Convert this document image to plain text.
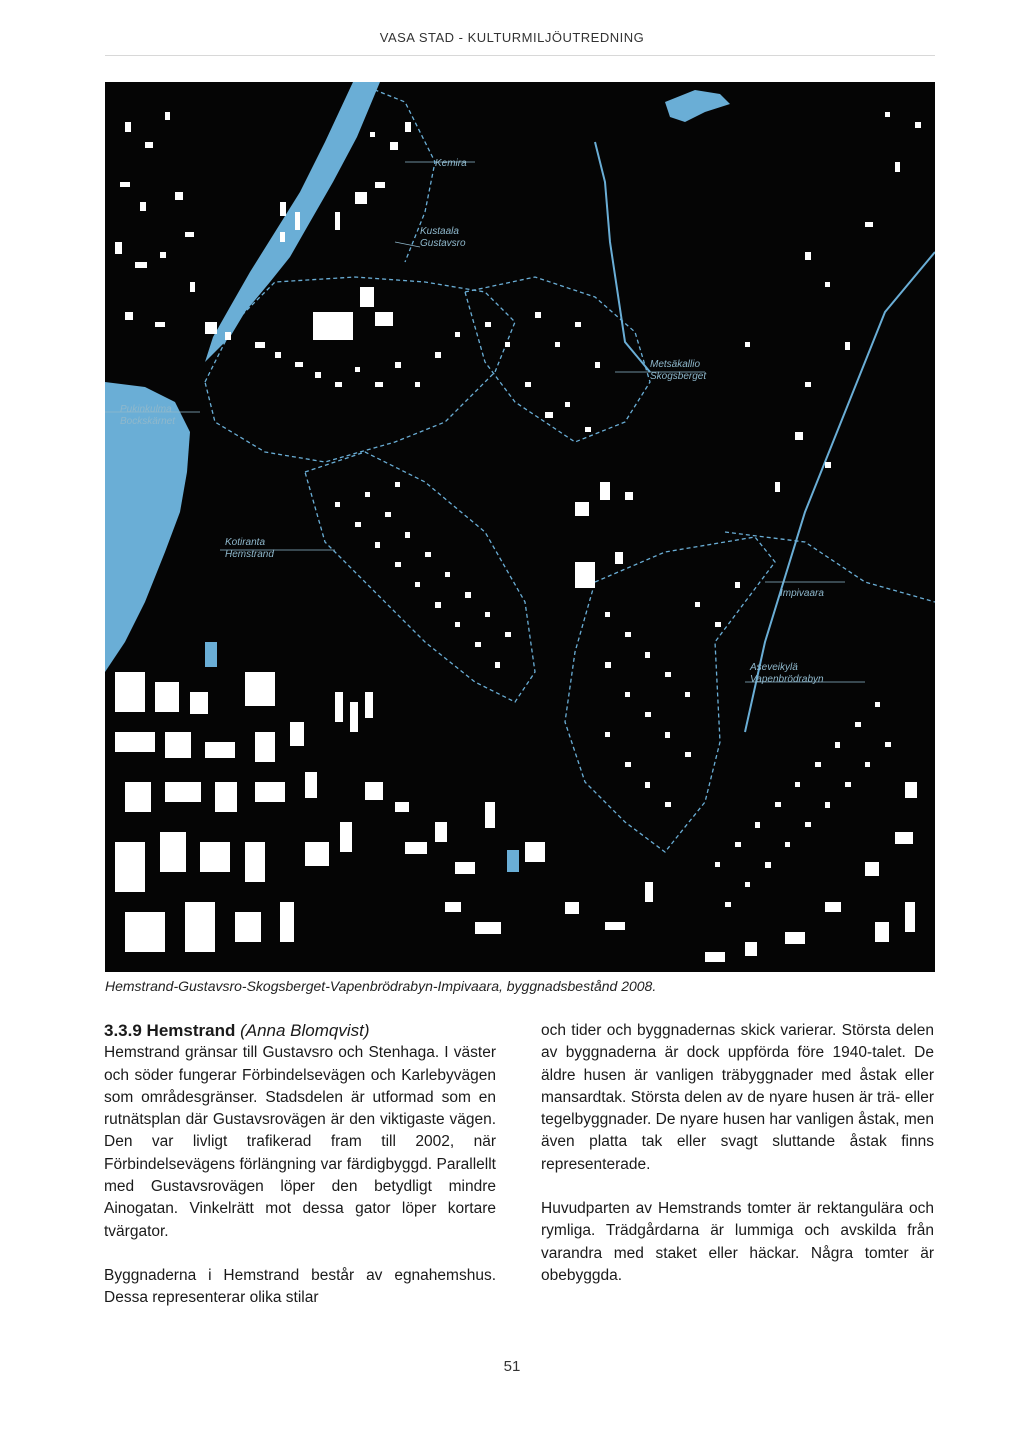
VASA STAD - KULTURMILJÖUTREDNING
Kemira
Kustaala
Gustavsro
Metsäkallio
Skogsberget
Pukinkulma
Bockskärnet
Kotiranta
Hemstrand
Impivaara
Aseveikylä
Vapenbrödrabyn
Hemstrand-Gustavsro-Skogsberget-Vapenbrödrabyn-Impivaara, byggnadsbestånd 2008.

3.3.9 Hemstrand (Anna Blomqvist)

Hemstrand gränsar till Gustavsro och Stenhaga. I väster och söder fungerar Förbindelsevägen och Karlebyvägen som områdesgränser. Stadsdelen är utformad som en rutnätsplan där Gustavsrovägen är den viktigaste vägen. Den var livligt trafikerad fram till 2002, när Förbindelsevägens förlängning var färdigbyggd. Parallellt med Gustavsrovägen löper den betydligt mindre Ainogatan. Vinkelrätt mot dessa gator löper kortare tvärgator.

Byggnaderna i Hemstrand består av egnahemshus. Dessa representerar olika stilar

och tider och byggnadernas skick varierar. Största delen av byggnaderna är dock uppförda före 1940-talet. De äldre husen är vanligen träbyggnader med åstak eller mansardtak. Största delen av de nyare husen är trä- eller tegelbyggnader. De nyare husen har vanligen åstak, men även platta tak eller svagt sluttande åstak finns representerade.

Huvudparten av Hemstrands tomter är rektangulära och rymliga. Trädgårdarna är lummiga och avskilda från varandra med staket eller häckar. Några tomter är obebyggda.

51
